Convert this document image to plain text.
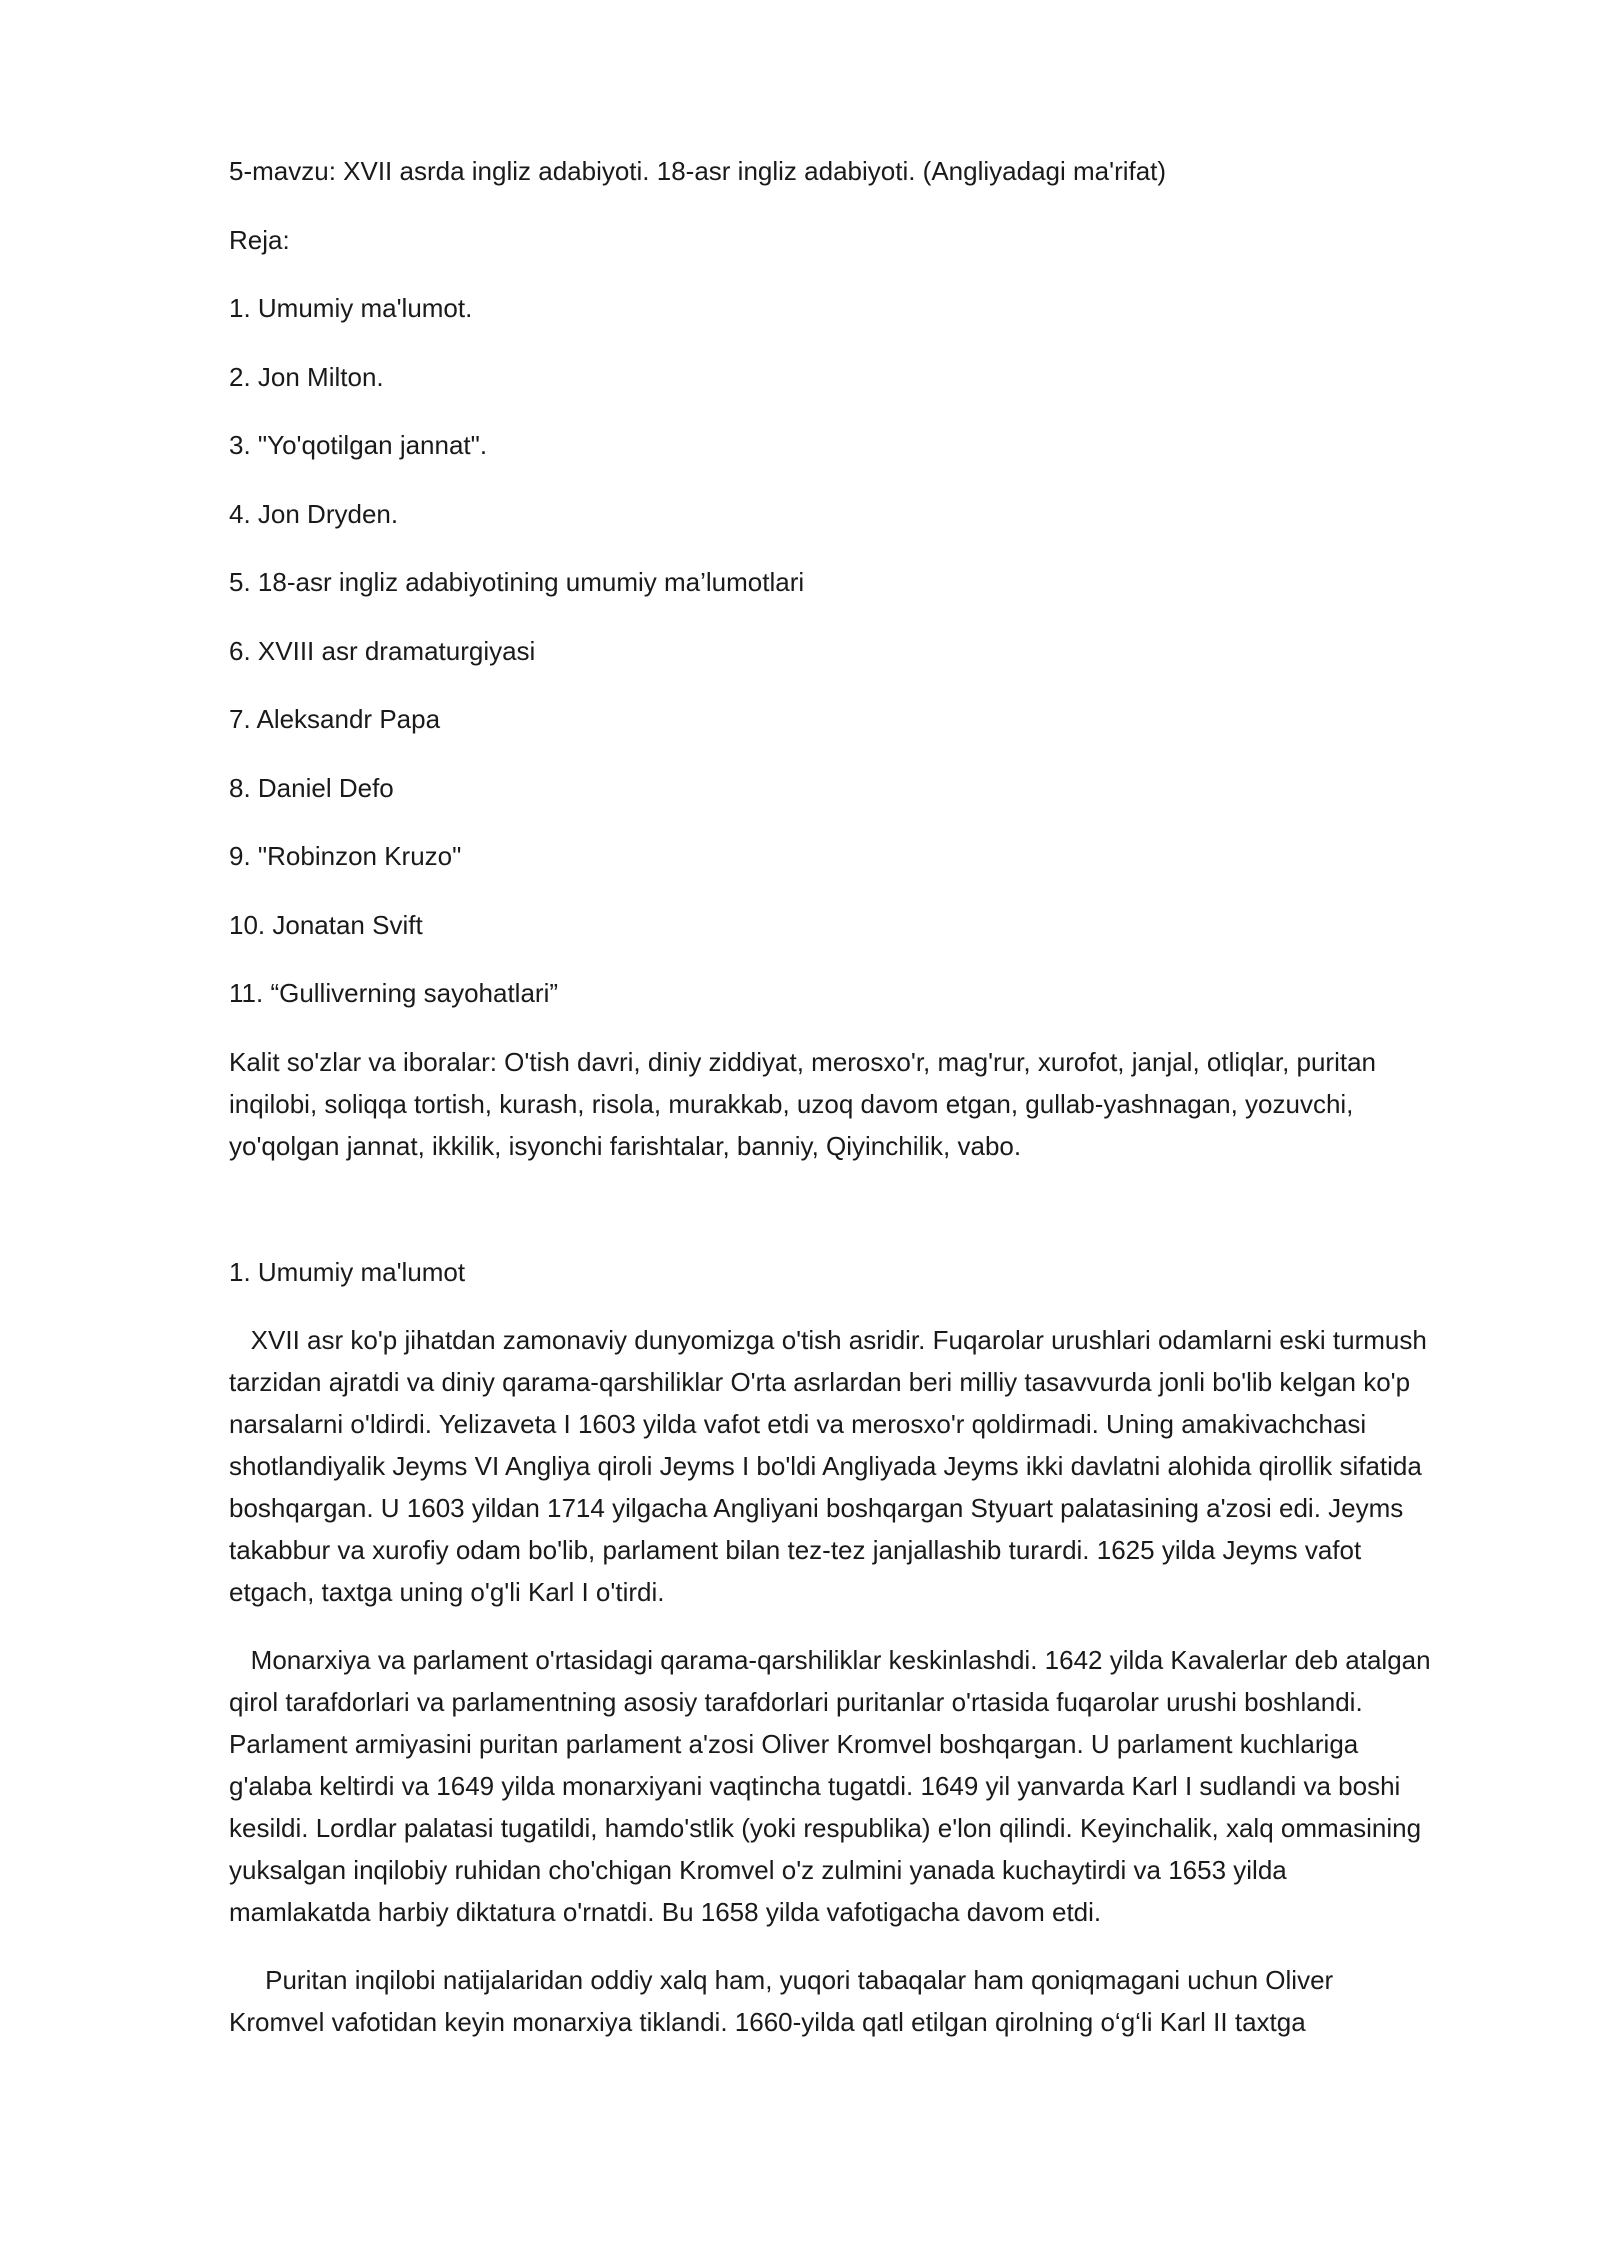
5-mavzu: XVII asrda ingliz adabiyoti. 18-asr ingliz adabiyoti. (Angliyadagi ma'rifat)

Reja:

1. Umumiy ma'lumot.

2. Jon Milton.

3. "Yo'qotilgan jannat".

4. Jon Dryden.

5. 18-asr ingliz adabiyotining umumiy ma’lumotlari

6. XVIII asr dramaturgiyasi

7. Aleksandr Papa

8. Daniel Defo

9. "Robinzon Kruzo"

10. Jonatan Svift

11. “Gulliverning sayohatlari”

Kalit so'zlar va iboralar: O'tish davri, diniy ziddiyat, merosxo'r, mag'rur, xurofot, janjal, otliqlar, puritan
inqilobi, soliqqa tortish, kurash, risola, murakkab, uzoq davom etgan, gullab-yashnagan, yozuvchi,
yo'qolgan jannat, ikkilik, isyonchi farishtalar, banniy, Qiyinchilik, vabo.

1. Umumiy ma'lumot

XVII asr ko'p jihatdan zamonaviy dunyomizga o'tish asridir. Fuqarolar urushlari odamlarni eski turmush
tarzidan ajratdi va diniy qarama-qarshiliklar O'rta asrlardan beri milliy tasavvurda jonli bo'lib kelgan ko'p
narsalarni o'ldirdi. Yelizaveta I 1603 yilda vafot etdi va merosxo'r qoldirmadi. Uning amakivachchasi
shotlandiyalik Jeyms VI Angliya qiroli Jeyms I bo'ldi Angliyada Jeyms ikki davlatni alohida qirollik sifatida
boshqargan. U 1603 yildan 1714 yilgacha Angliyani boshqargan Styuart palatasining a'zosi edi. Jeyms
takabbur va xurofiy odam bo'lib, parlament bilan tez-tez janjallashib turardi. 1625 yilda Jeyms vafot
etgach, taxtga uning o'g'li Karl I o'tirdi.
Monarxiya va parlament o'rtasidagi qarama-qarshiliklar keskinlashdi. 1642 yilda Kavalerlar deb atalgan
qirol tarafdorlari va parlamentning asosiy tarafdorlari puritanlar o'rtasida fuqarolar urushi boshlandi.
Parlament armiyasini puritan parlament a'zosi Oliver Kromvel boshqargan. U parlament kuchlariga
g'alaba keltirdi va 1649 yilda monarxiyani vaqtincha tugatdi. 1649 yil yanvarda Karl I sudlandi va boshi
kesildi. Lordlar palatasi tugatildi, hamdo'stlik (yoki respublika) e'lon qilindi. Keyinchalik, xalq ommasining
yuksalgan inqilobiy ruhidan cho'chigan Kromvel o'z zulmini yanada kuchaytirdi va 1653 yilda
mamlakatda harbiy diktatura o'rnatdi. Bu 1658 yilda vafotigacha davom etdi.
Puritan inqilobi natijalaridan oddiy xalq ham, yuqori tabaqalar ham qoniqmagani uchun Oliver
Kromvel vafotidan keyin monarxiya tiklandi. 1660-yilda qatl etilgan qirolning o‘g‘li Karl II taxtga
